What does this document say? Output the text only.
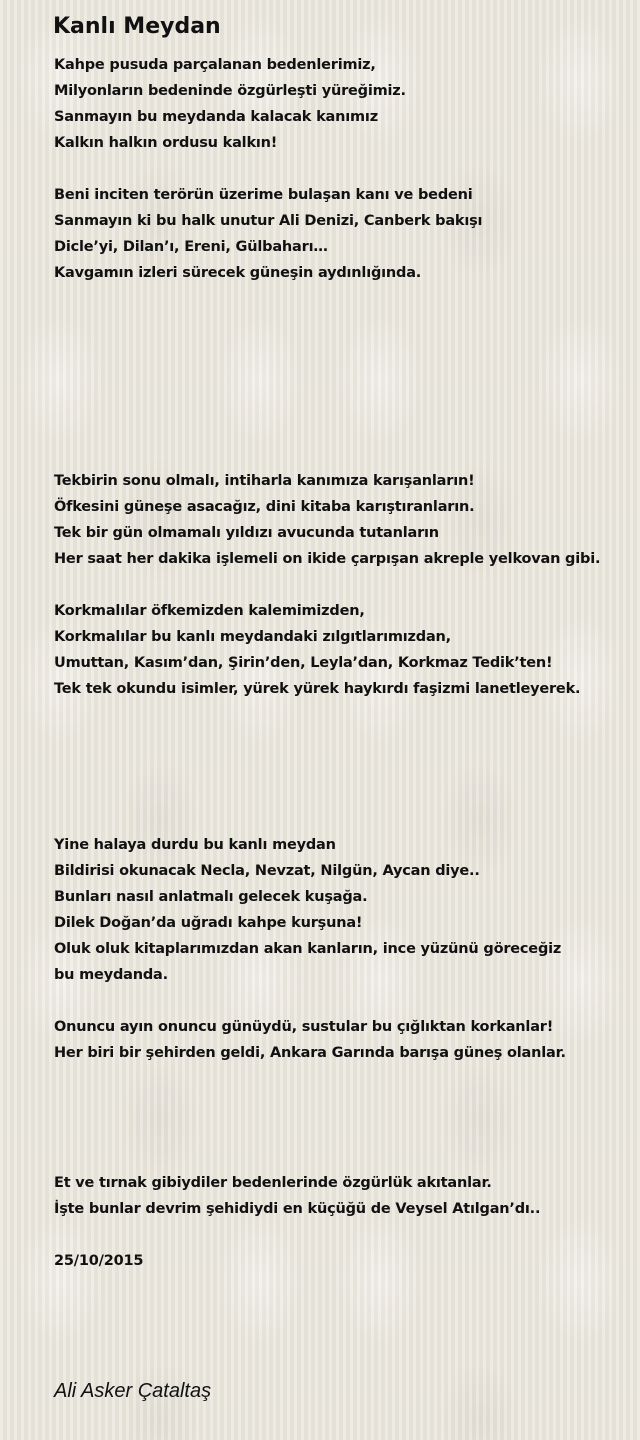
Kanlı Meydan
Kahpe pusuda parçalanan bedenlerimiz,
Milyonların bedeninde özgürleşti yüreğimiz.
Sanmayın bu meydanda kalacak kanımız
Kalkın halkın ordusu kalkın!
Beni inciten terörün üzerime bulaşan kanı ve bedeni
Sanmayın ki bu halk unutur Ali Denizi, Canberk bakışı
Dicle’yi, Dilan’ı, Ereni, Gülbaharı…
Kavgamın izleri sürecek güneşin aydınlığında.
Tekbirin sonu olmalı, intiharla kanımıza karışanların!
Öfkesini güneşe asacağız, dini kitaba karıştıranların.
Tek bir gün olmamalı yıldızı avucunda tutanların
Her saat her dakika işlemeli on ikide çarpışan akreple yelkovan gibi.
Korkmalılar öfkemizden kalemimizden,
Korkmalılar bu kanlı meydandaki zılgıtlarımızdan,
Umuttan, Kasım’dan, Şirin’den, Leyla’dan, Korkmaz Tedik’ten!
Tek tek okundu isimler, yürek yürek haykırdı faşizmi lanetleyerek.
Yine halaya durdu bu kanlı meydan
Bildirisi okunacak Necla, Nevzat, Nilgün, Aycan diye..
Bunları nasıl anlatmalı gelecek kuşağa.
Dilek Doğan’da uğradı kahpe kurşuna!
Oluk oluk kitaplarımızdan akan kanların, ince yüzünü göreceğiz
bu meydanda.
Onuncu ayın onuncu günüydü, sustular bu çığlıktan korkanlar!
Her biri bir şehirden geldi, Ankara Garında barışa güneş olanlar.
Et ve tırnak gibiydiler bedenlerinde özgürlük akıtanlar.
İşte bunlar devrim şehidiydi en küçüğü de Veysel Atılgan’dı..
25/10/2015
Ali Asker Çataltaş
